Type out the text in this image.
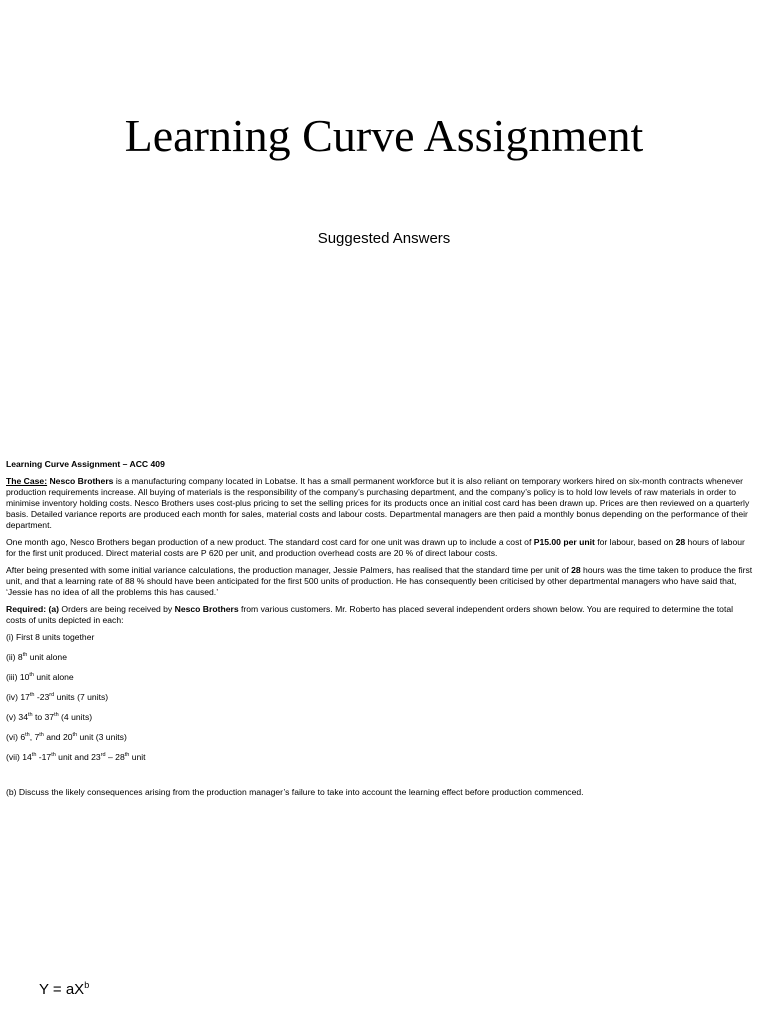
Learning Curve Assignment
Suggested Answers

Learning Curve Assignment – ACC 409

The Case: Nesco Brothers is a manufacturing company located in Lobatse. It has a small permanent workforce but it is also reliant on temporary workers hired on six-month contracts whenever production requirements increase. All buying of materials is the responsibility of the company’s purchasing department, and the company’s policy is to hold low levels of raw materials in order to minimise inventory holding costs. Nesco Brothers uses cost-plus pricing to set the selling prices for its products once an initial cost card has been drawn up. Prices are then reviewed on a quarterly basis. Detailed variance reports are produced each month for sales, material costs and labour costs. Departmental managers are then paid a monthly bonus depending on the performance of their department.

One month ago, Nesco Brothers began production of a new product. The standard cost card for one unit was drawn up to include a cost of P15.00 per unit for labour, based on 28 hours of labour for the first unit produced. Direct material costs are P 620 per unit, and production overhead costs are 20 % of direct labour costs.

After being presented with some initial variance calculations, the production manager, Jessie Palmers, has realised that the standard time per unit of 28 hours was the time taken to produce the first unit, and that a learning rate of 88 % should have been anticipated for the first 500 units of production. He has consequently been criticised by other departmental managers who have said that, ‘Jessie has no idea of all the problems this has caused.’

Required: (a) Orders are being received by Nesco Brothers from various customers. Mr. Roberto has placed several independent orders shown below. You are required to determine the total costs of units depicted in each:

(i) First 8 units together

(ii) 8th unit alone

(iii) 10th unit alone

(iv) 17th -23rd units (7 units)

(v) 34th to 37th (4 units)

(vi) 6th, 7th and 20th unit (3 units)

(vii) 14th -17th unit and 23rd – 28th unit

(b) Discuss the likely consequences arising from the production manager’s failure to take into account the learning effect before production commenced.

$Y = aX^b$
